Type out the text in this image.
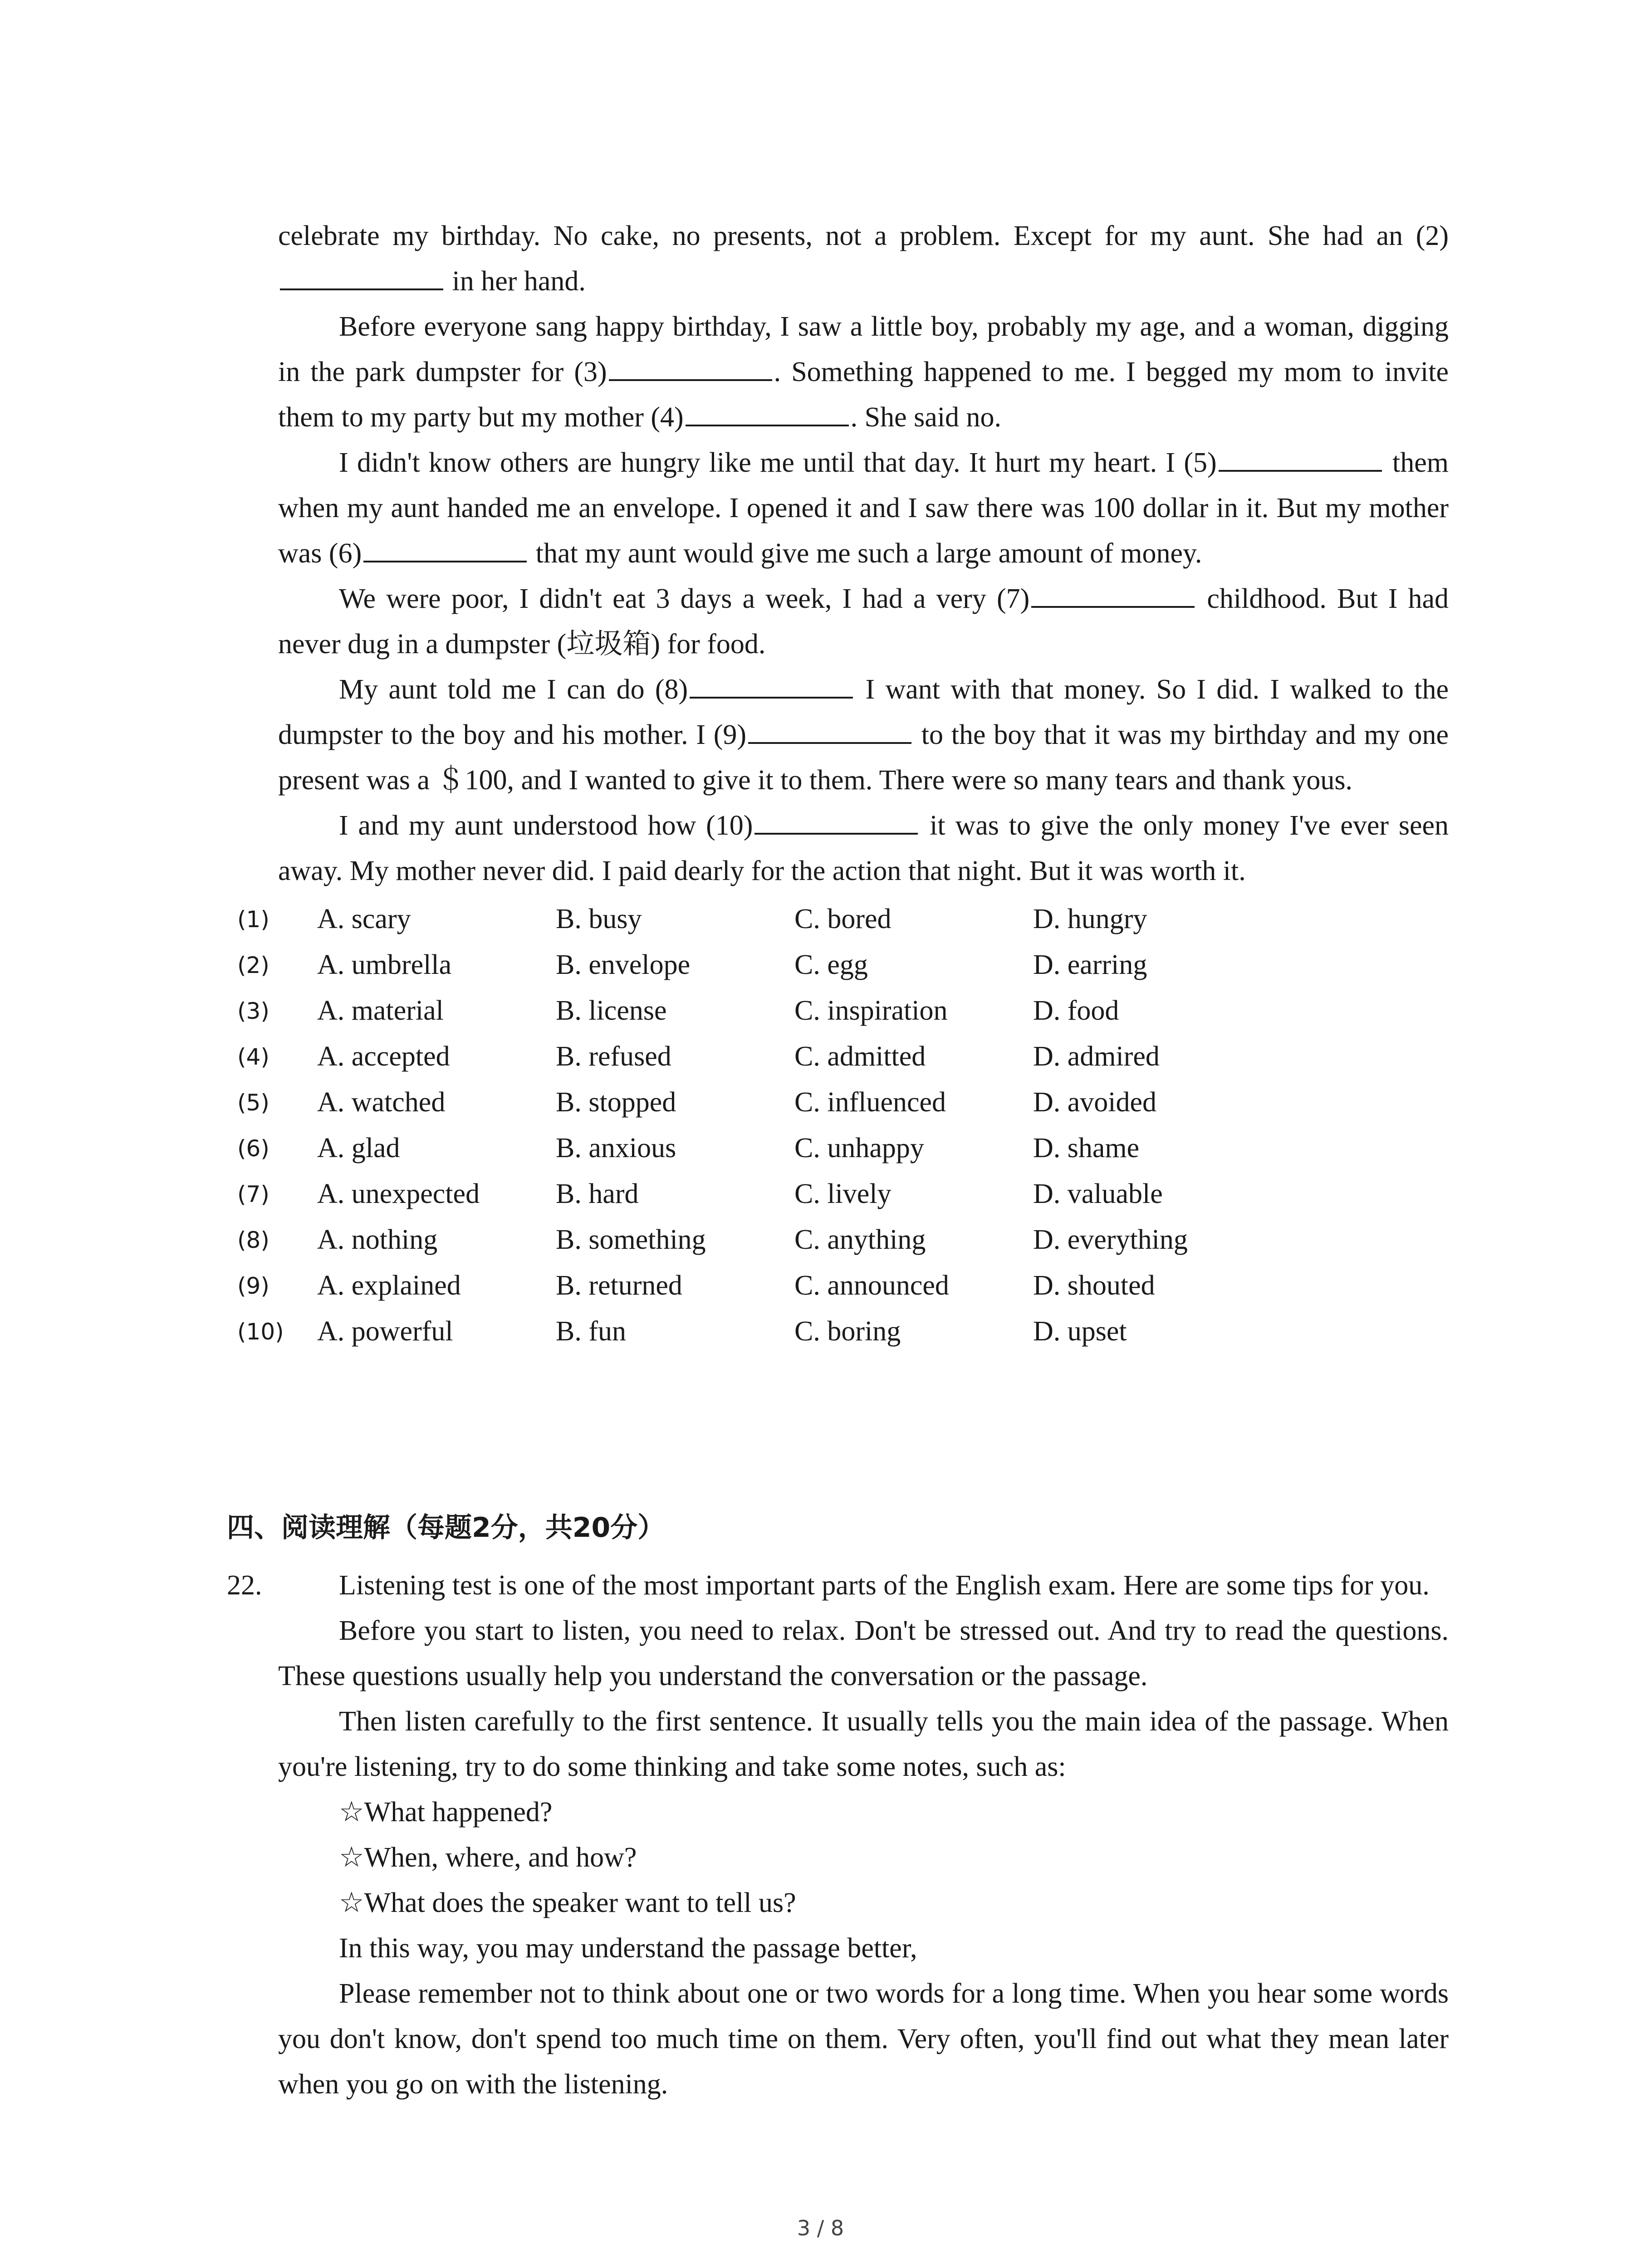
celebrate my birthday. No cake, no presents, not a problem. Except for my aunt. She had an (2) in her hand.

Before everyone sang happy birthday, I saw a little boy, probably my age, and a woman, digging in the park dumpster for (3)	. Something happened to me. I begged my mom to invite them to my party but my mother (4)	. She said no.

I didn't know others are hungry like me until that day. It hurt my heart. I (5)	them when my aunt handed me an envelope. I opened it and I saw there was 100 dollar in it. But my mother was (6)	that my aunt would give me such a large amount of money.

We were poor, I didn't eat 3 days a week, I had a very (7)	childhood. But I had never dug in a dumpster (垃圾箱) for food.

My aunt told me I can do (8)	I want with that money. So I did. I walked to the dumpster to the boy and his mother. I (9)	to the boy that it was my birthday and my one present was a ＄100, and I wanted to give it to them. There were so many tears and thank yous.

I and my aunt understood how (10)	it was to give the only money I've ever seen away. My mother never did. I paid dearly for the action that night. But it was worth it.

(1)	A. scary	B. busy	C. bored	D. hungry
(2)	A. umbrella	B. envelope	C. egg	D. earring
(3)	A. material	B. license	C. inspiration	D. food
(4)	A. accepted	B. refused	C. admitted	D. admired
(5)	A. watched	B. stopped	C. influenced	D. avoided
(6)	A. glad	B. anxious	C. unhappy	D. shame
(7)	A. unexpected	B. hard	C. lively	D. valuable
(8)	A. nothing	B. something	C. anything	D. everything
(9)	A. explained	B. returned	C. announced	D. shouted
(10)	A. powerful	B. fun	C. boring	D. upset
四、阅读理解（每题2分，共20分）
22.	Listening test is one of the most important parts of the English exam. Here are some tips for you.

Before you start to listen, you need to relax. Don't be stressed out. And try to read the questions. These questions usually help you understand the conversation or the passage.

Then listen carefully to the first sentence. It usually tells you the main idea of the passage. When you're listening, try to do some thinking and take some notes, such as:

☆What happened?

☆When, where, and how?

☆What does the speaker want to tell us?

In this way, you may understand the passage better,

Please remember not to think about one or two words for a long time. When you hear some words you don't know, don't spend too much time on them. Very often, you'll find out what they mean later when you go on with the listening.

3 / 8
